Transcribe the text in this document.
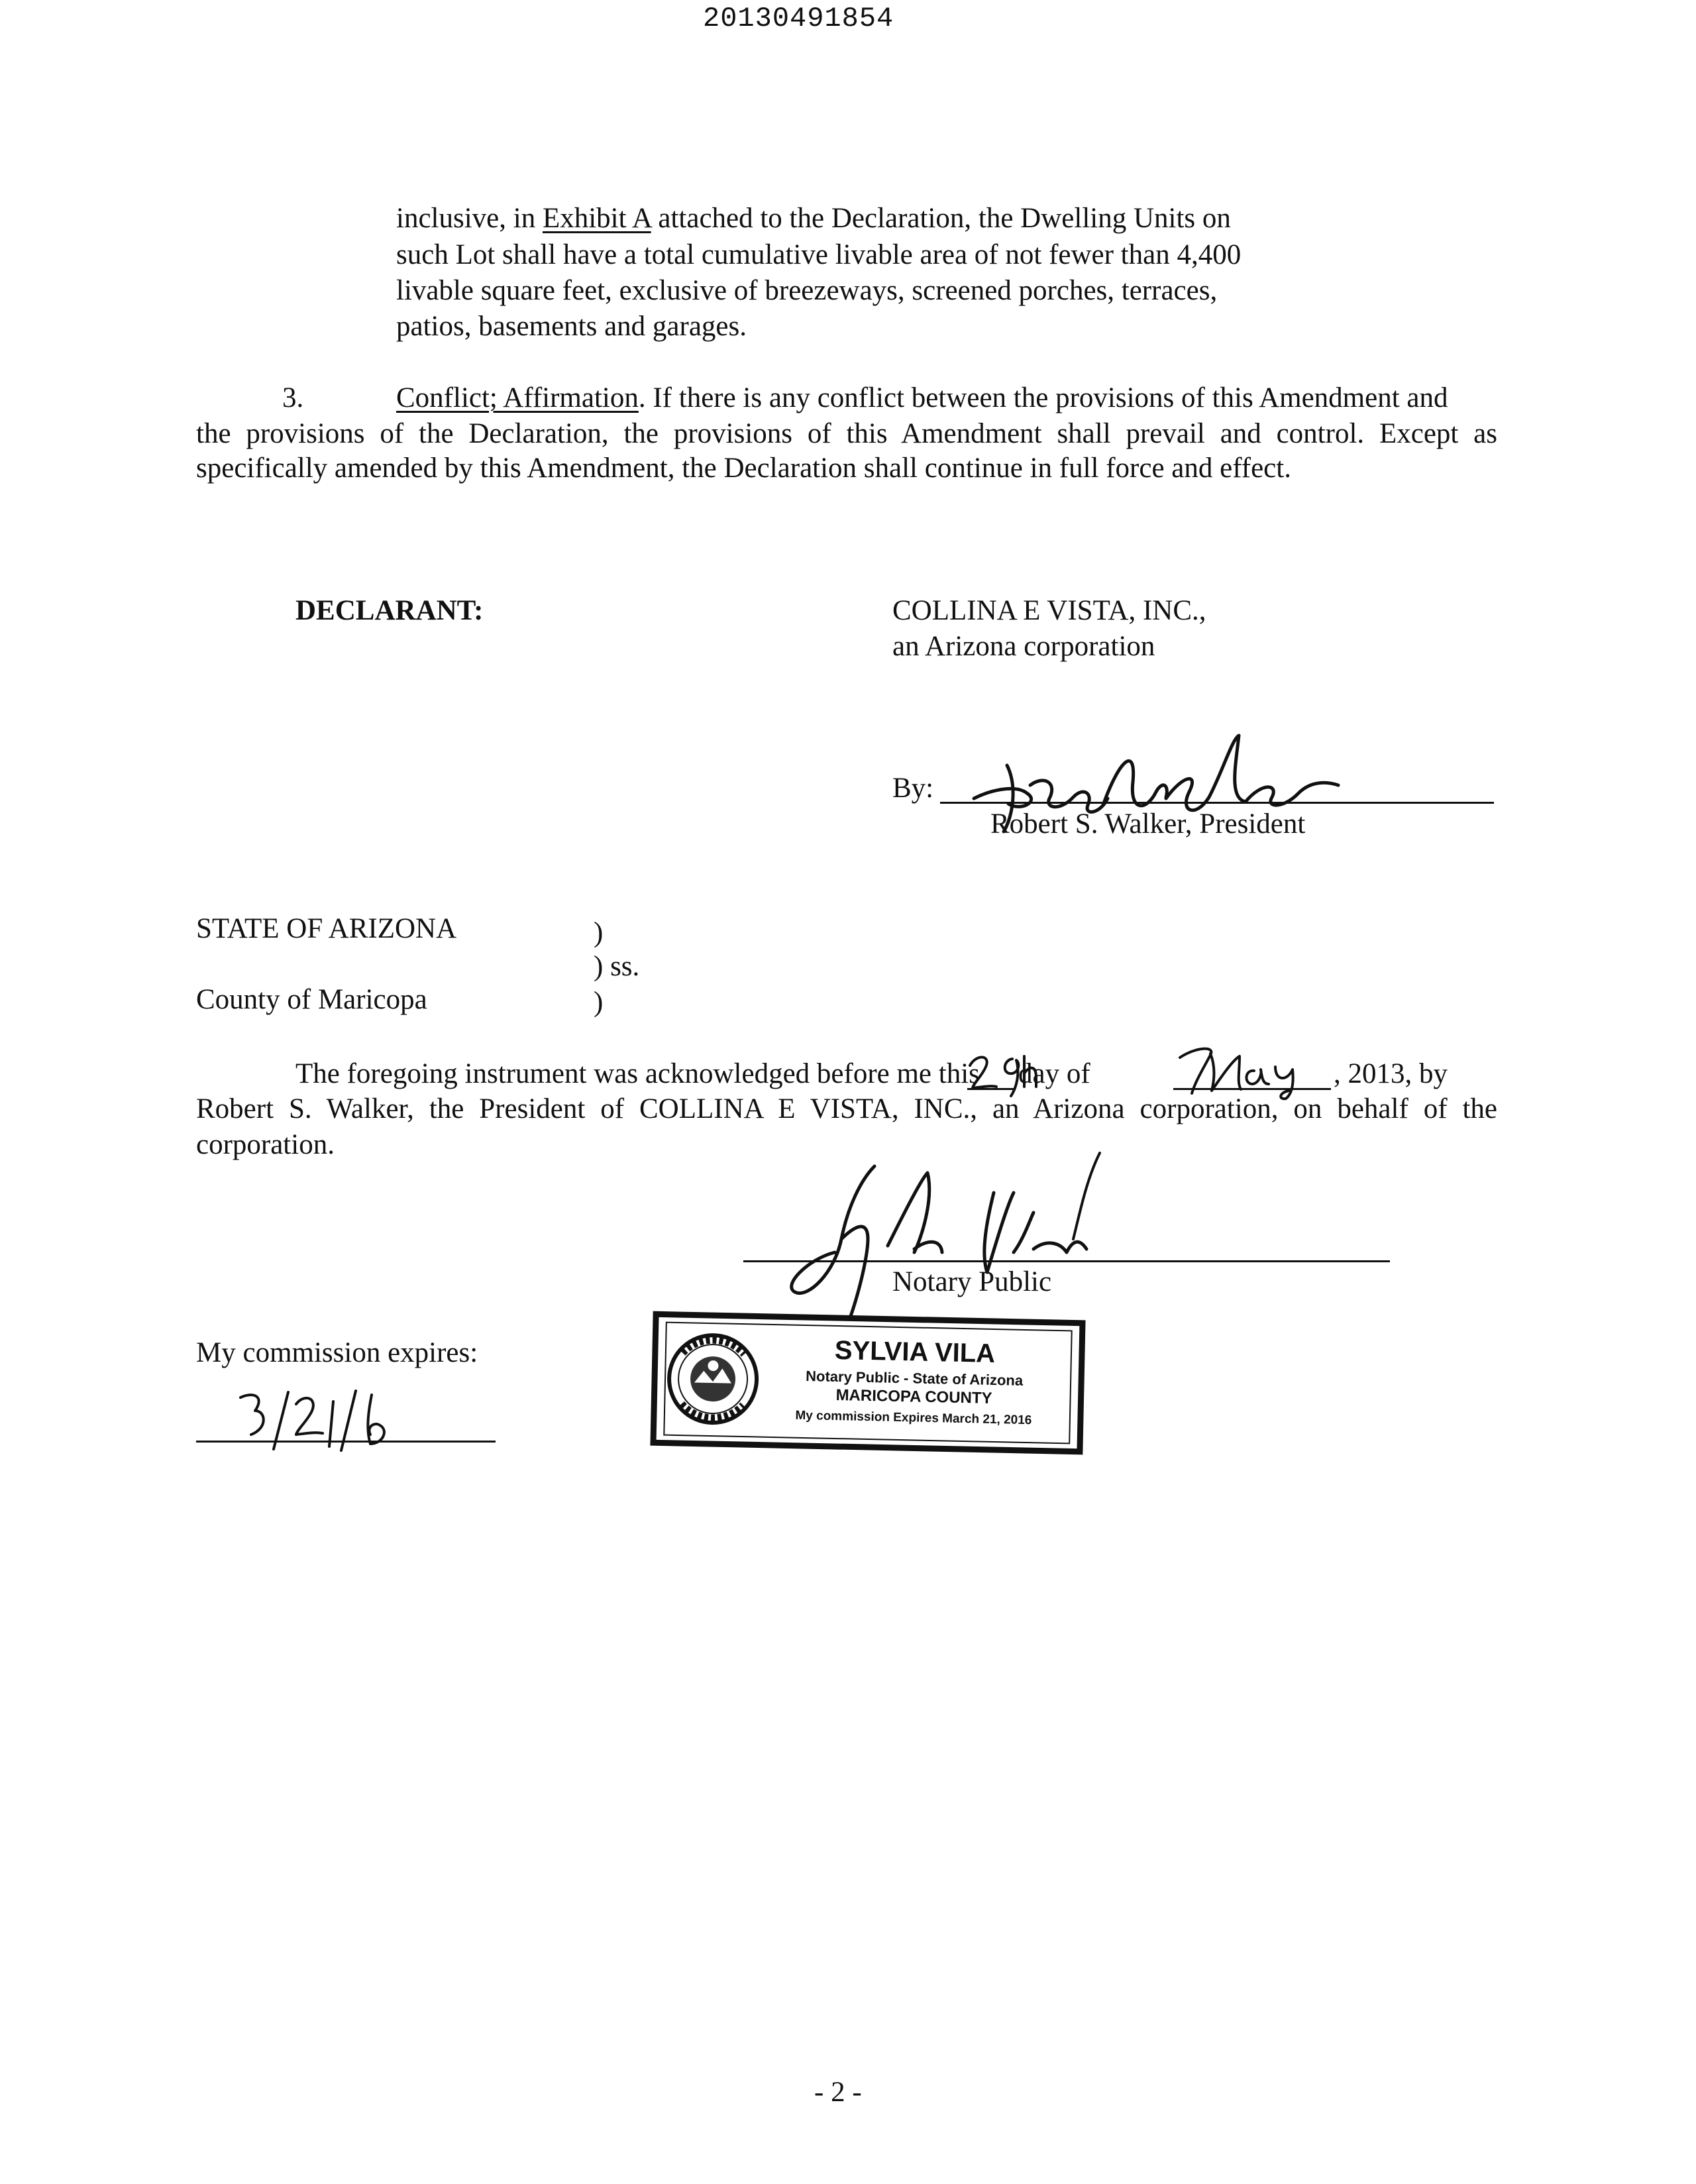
20130491854
inclusive, in Exhibit A attached to the Declaration, the Dwelling Units on
such Lot shall have a total cumulative livable area of not fewer than 4,400
livable square feet, exclusive of breezeways, screened porches, terraces,
patios, basements and garages.
3.	Conflict; Affirmation. If there is any conflict between the provisions of this Amendment and
the provisions of the Declaration, the provisions of this Amendment shall prevail and control. Except as
specifically amended by this Amendment, the Declaration shall continue in full force and effect.
DECLARANT:	COLLINA E VISTA, INC.,
an Arizona corporation
By:
Robert S. Walker, President
STATE OF ARIZONA	)
) ss.
County of Maricopa	)
The foregoing instrument was acknowledged before me this day of	, 2013, by
Robert S. Walker, the President of COLLINA E VISTA, INC., an Arizona corporation, on behalf of the
corporation.
Notary Public
My commission expires:	SYLVIA VILA
Notary Public - State of Arizona
MARICOPA COUNTY
My commission Expires March 21, 2016
- 2 -
